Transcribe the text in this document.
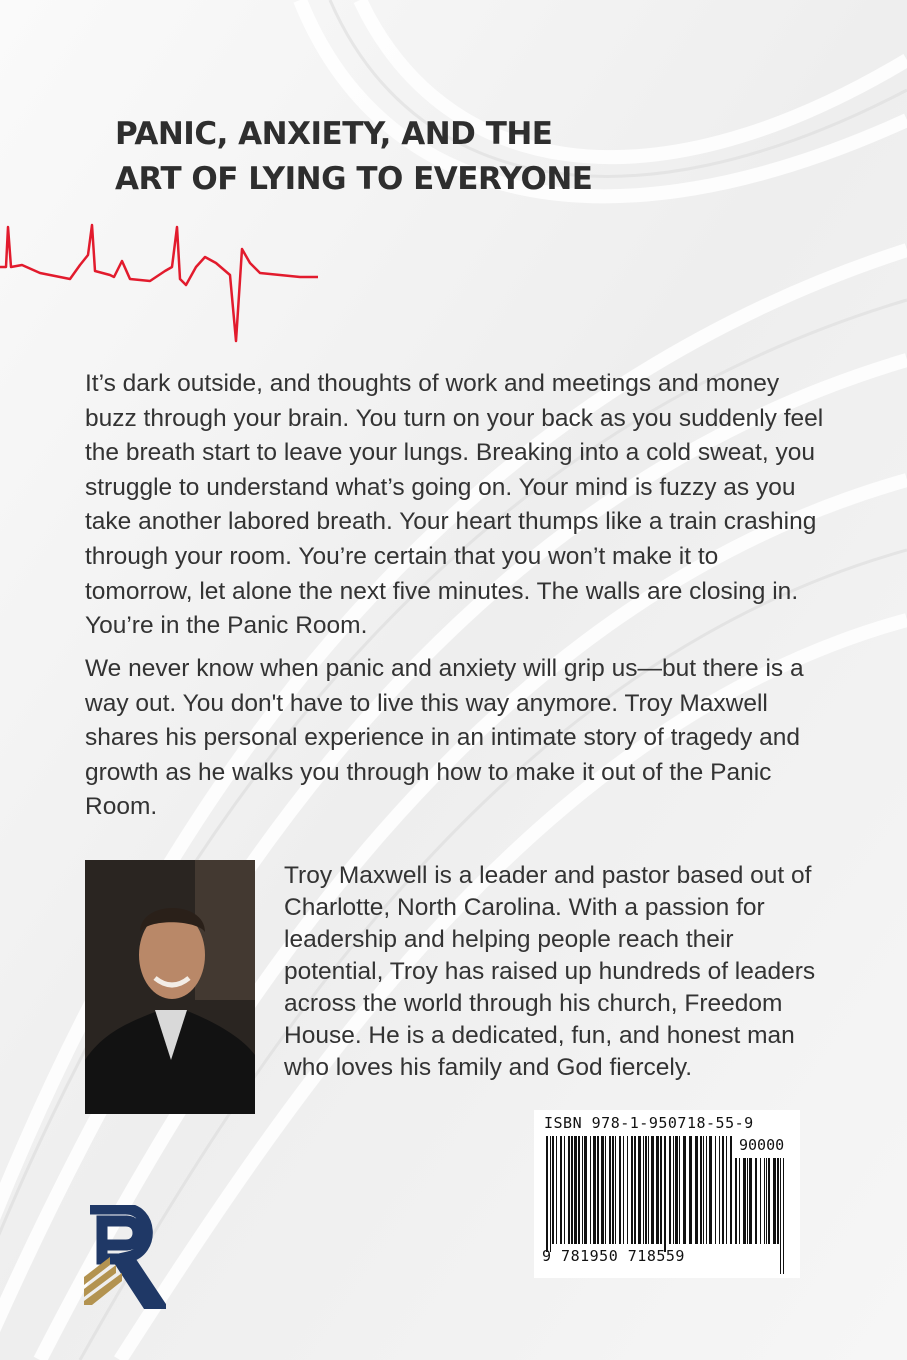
PANIC, ANXIETY, AND THE
ART OF LYING TO EVERYONE

It’s dark outside, and thoughts of work and meetings and money buzz through your brain. You turn on your back as you suddenly feel the breath start to leave your lungs. Breaking into a cold sweat, you struggle to understand what’s going on. Your mind is fuzzy as you take another labored breath. Your heart thumps like a train crashing through your room. You’re certain that you won’t make it to tomorrow, let alone the next five minutes. The walls are closing in. You’re in the Panic Room.

We never know when panic and anxiety will grip us—but there is a way out. You don't have to live this way anymore. Troy Maxwell shares his personal experience in an intimate story of tragedy and growth as he walks you through how to make it out of the Panic Room.

Troy Maxwell is a leader and pastor based out of Charlotte, North Carolina. With a passion for leadership and helping people reach their potential, Troy has raised up hundreds of leaders across the world through his church, Freedom House. He is a dedicated, fun, and honest man who loves his family and God fiercely.

ISBN 978-1-950718-55-9

90000
9 781950 718559
